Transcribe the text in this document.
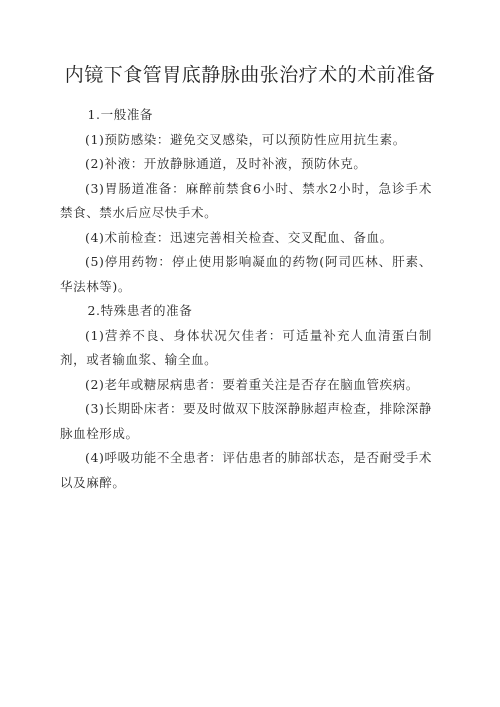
内镜下食管胃底静脉曲张治疗术的术前准备

1.一般准备

(1)预防感染：避免交叉感染，可以预防性应用抗生素。

(2)补液：开放静脉通道，及时补液，预防休克。

(3)胃肠道准备：麻醉前禁食6小时、禁水2小时，急诊手术禁食、禁水后应尽快手术。

(4)术前检查：迅速完善相关检查、交叉配血、备血。

(5)停用药物：停止使用影响凝血的药物(阿司匹林、肝素、华法林等)。

2.特殊患者的准备

(1)营养不良、身体状况欠佳者：可适量补充人血清蛋白制剂，或者输血浆、输全血。

(2)老年或糖尿病患者：要着重关注是否存在脑血管疾病。

(3)长期卧床者：要及时做双下肢深静脉超声检查，排除深静脉血栓形成。

(4)呼吸功能不全患者：评估患者的肺部状态，是否耐受手术以及麻醉。
